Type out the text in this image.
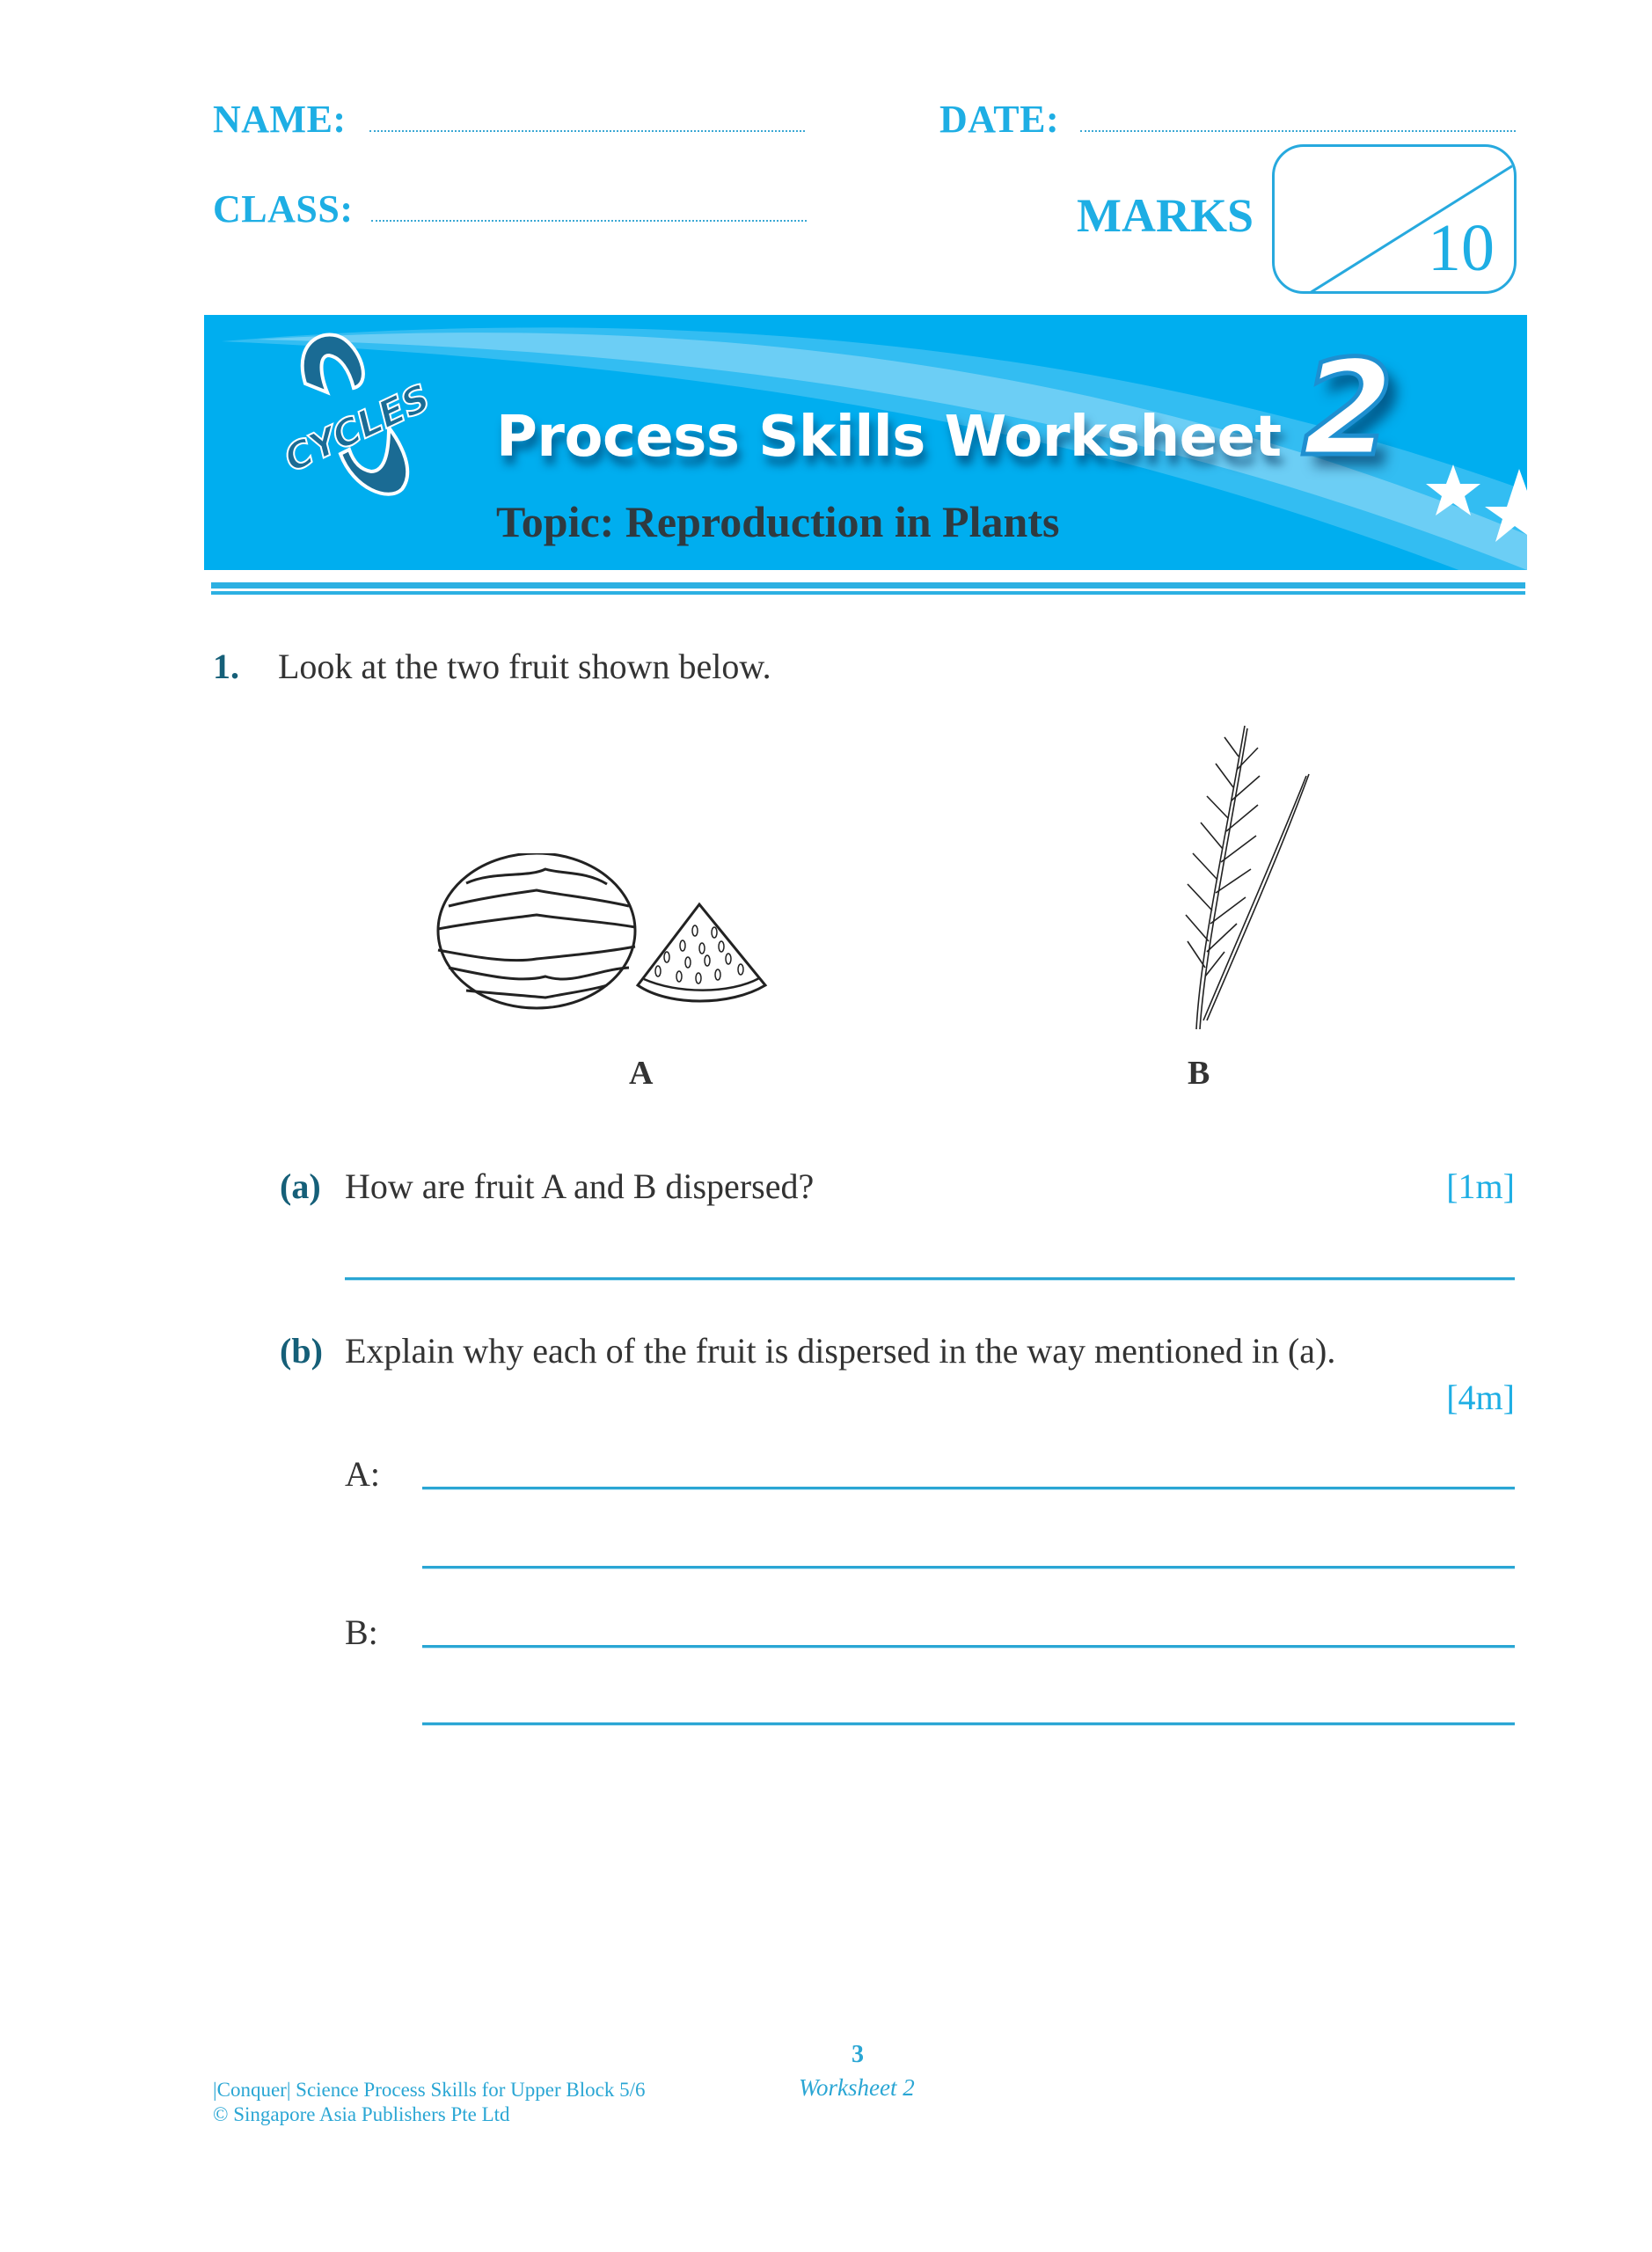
NAME:	DATE:
CLASS:	MARKS	10
CYCLES Process Skills Worksheet 2
Topic: Reproduction in Plants
1. Look at the two fruit shown below.
A	B
(a) How are fruit A and B dispersed?	[1m]
(b) Explain why each of the fruit is dispersed in the way mentioned in (a).
[4m]
A:
B:
|Conquer| Science Process Skills for Upper Block 5/6
© Singapore Asia Publishers Pte Ltd
3
Worksheet 2
